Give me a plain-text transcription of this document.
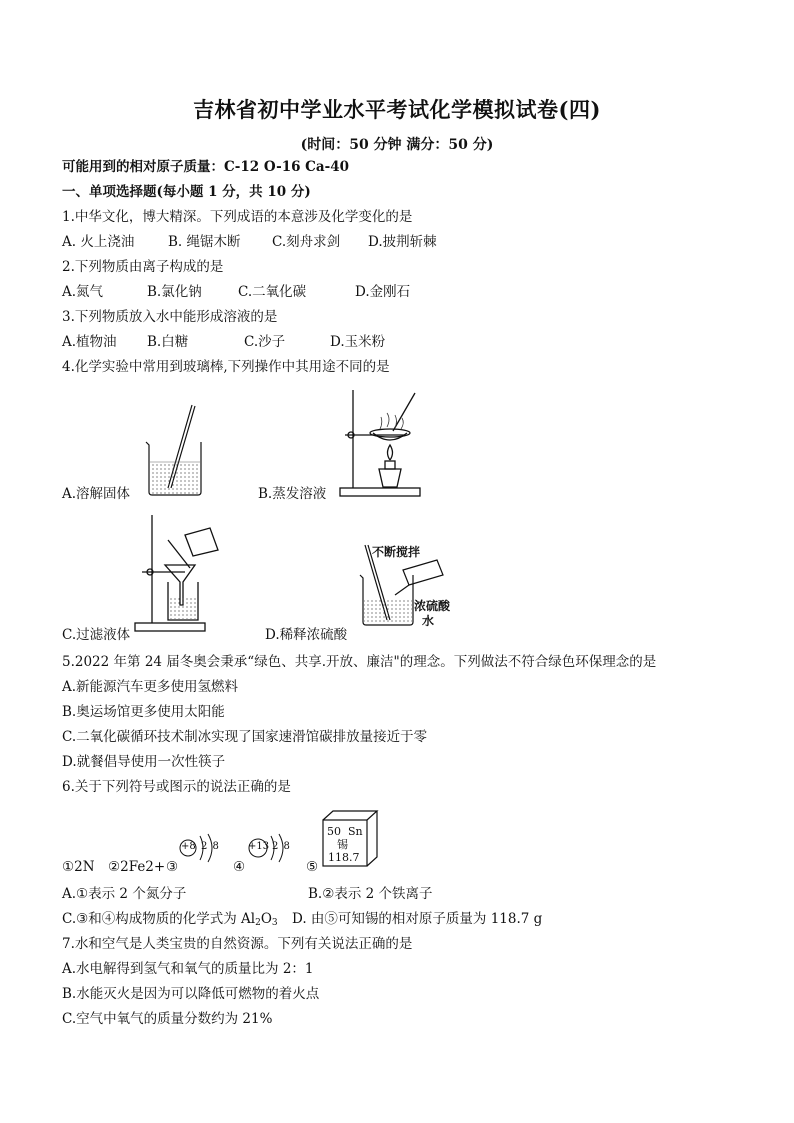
吉林省初中学业水平考试化学模拟试卷(四)
(时间：50 分钟 满分：50 分)
可能用到的相对原子质量：C-12 O-16 Ca-40
一、单项选择题(每小题 1 分，共 10 分)
1.中华文化，博大精深。下列成语的本意涉及化学变化的是
A. 火上浇油 B. 绳锯木断 C.刻舟求剑 D.披荆斩棘
2.下列物质由离子构成的是
A.氮气	B.氯化钠	C.二氧化碳	D.金刚石
3.下列物质放入水中能形成溶液的是
A.植物油 B.白糖	C.沙子	D.玉米粉
4.化学实验中常用到玻璃棒,下列操作中其用途不同的是
A.溶解固体	B.蒸发溶液
C.过滤液体
不断搅拌
浓硫酸
水
D.稀释浓硫酸
5.2022 年第 24 届冬奥会秉承“绿色、共享.开放、廉洁"的理念。下列做法不符合绿色环保理念的是
A.新能源汽车更多使用氢燃料
B.奥运场馆更多使用太阳能
C.二氧化碳循环技术制冰实现了国家速滑馆碳排放量接近于零
D.就餐倡导使用一次性筷子
6.关于下列符号或图示的说法正确的是
①2N ②2Fe2+ ③	④	⑤
+8 2 8	+13 2 8
50 Sn
锡
118.7
A.①表示 2 个氮分子	B.②表示 2 个铁离子
C.③和④构成物质的化学式为 $Al_2O_3$ D. 由⑤可知锡的相对原子质量为 118.7 g
7.水和空气是人类宝贵的自然资源。下列有关说法正确的是
A.水电解得到氢气和氧气的质量比为 2：1
B.水能灭火是因为可以降低可燃物的着火点
C.空气中氧气的质量分数约为 21%
